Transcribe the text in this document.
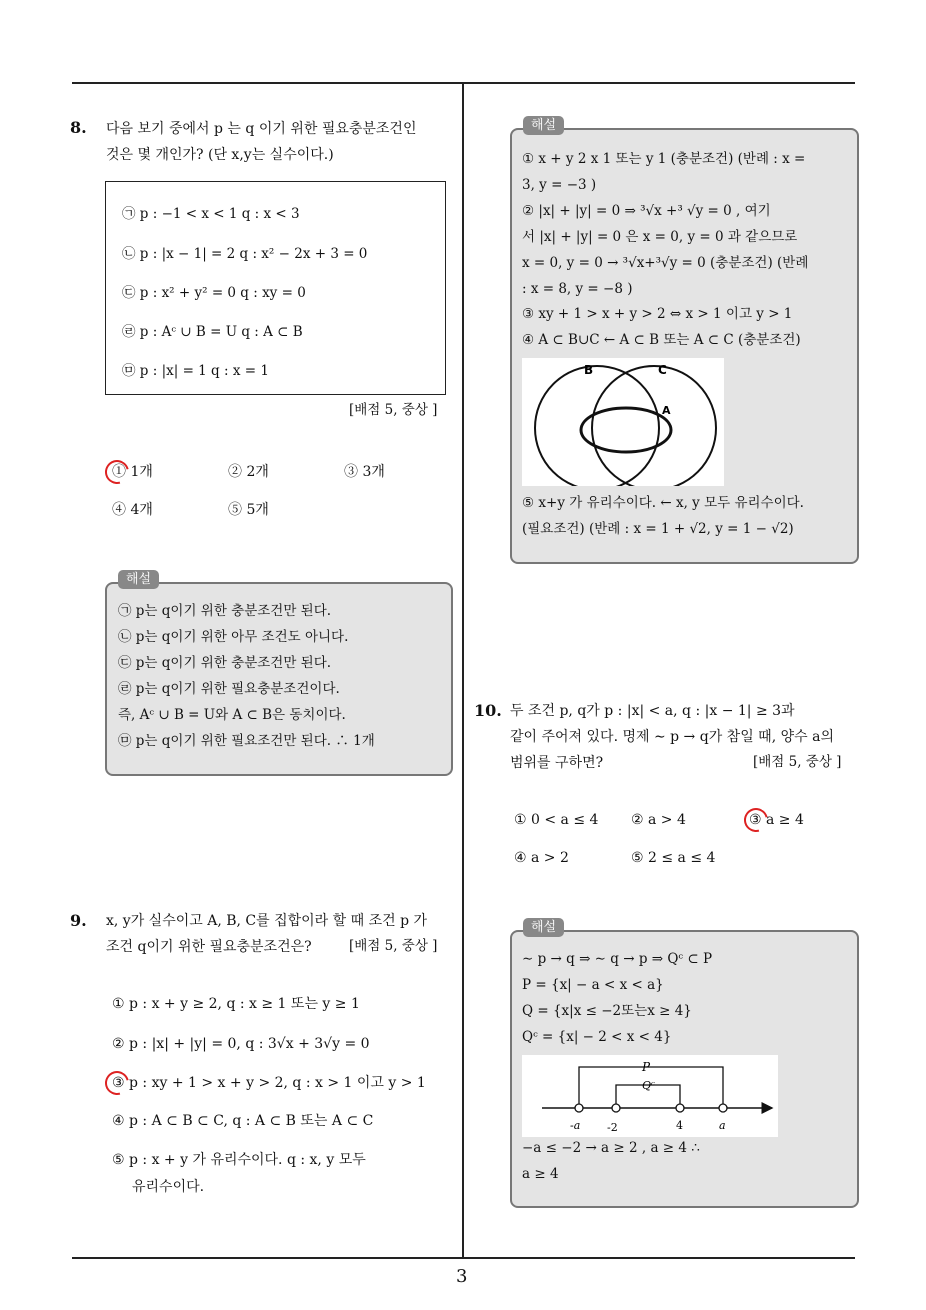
3
8. 다음 보기 중에서 p 는 q 이기 위한 필요충분조건인
것은 몇 개인가? (단 x,y는 실수이다.)
㉠ p : −1 < x < 1 q : x < 3
㉡ p : |x − 1| = 2 q : x² − 2x + 3 = 0
㉢ p : x² + y² = 0 q : xy = 0
㉣ p : Aᶜ ∪ B = U q : A ⊂ B
㉤ p : |x| = 1 q : x = 1
[배점 5, 중상 ]
① 1개	② 2개	③ 3개
④ 4개	⑤ 5개
해설
㉠ p는 q이기 위한 충분조건만 된다.
㉡ p는 q이기 위한 아무 조건도 아니다.
㉢ p는 q이기 위한 충분조건만 된다.
㉣ p는 q이기 위한 필요충분조건이다.
즉, Aᶜ ∪ B = U와 A ⊂ B은 동치이다.
㉤ p는 q이기 위한 필요조건만 된다. ∴ 1개
9. x, y가 실수이고 A, B, C를 집합이라 할 때 조건 p 가
조건 q이기 위한 필요충분조건은?	[배점 5, 중상 ]
① p : x + y ≥ 2, q : x ≥ 1 또는 y ≥ 1
② p : |x| + |y| = 0, q : 3√x + 3√y = 0
③ p : xy + 1 > x + y > 2, q : x > 1 이고 y > 1
④ p : A ⊂ B ⊂ C, q : A ⊂ B 또는 A ⊂ C
⑤ p : x + y 가 유리수이다. q : x, y 모두
유리수이다.
해설
① x + y 2 x 1 또는 y 1 (충분조건) (반례 : x =
3, y = −3 )
② |x| + |y| = 0 ⇒ ³√x +³ √y = 0 , 여기
서 |x| + |y| = 0 은 x = 0, y = 0 과 같으므로
x = 0, y = 0 → ³√x+³√y = 0 (충분조건) (반례
: x = 8, y = −8 )
③ xy + 1 > x + y > 2 ⇔ x > 1 이고 y > 1
④ A ⊂ B∪C ← A ⊂ B 또는 A ⊂ C (충분조건)
B	C
A
⑤ x+y 가 유리수이다. ← x, y 모두 유리수이다.
(필요조건) (반례 : x = 1 + √2, y = 1 − √2)
10. 두 조건 p, q가 p : |x| < a, q : |x − 1| ≥ 3과
같이 주어져 있다. 명제 ∼ p → q가 참일 때, 양수 a의
범위를 구하면?	[배점 5, 중상 ]
① 0 < a ≤ 4 ② a > 4	③ a ≥ 4
④ a > 2	⑤ 2 ≤ a ≤ 4
해설
∼ p → q ⇒ ∼ q → p ⇒ Qᶜ ⊂ P
P = {x| − a < x < a}
Q = {x|x ≤ −2또는x ≥ 4}
Qᶜ = {x| − 2 < x < 4}
P
Qᶜ
-a -2	4	a
−a ≤ −2 → a ≥ 2 , a ≥ 4 ∴
a ≥ 4
